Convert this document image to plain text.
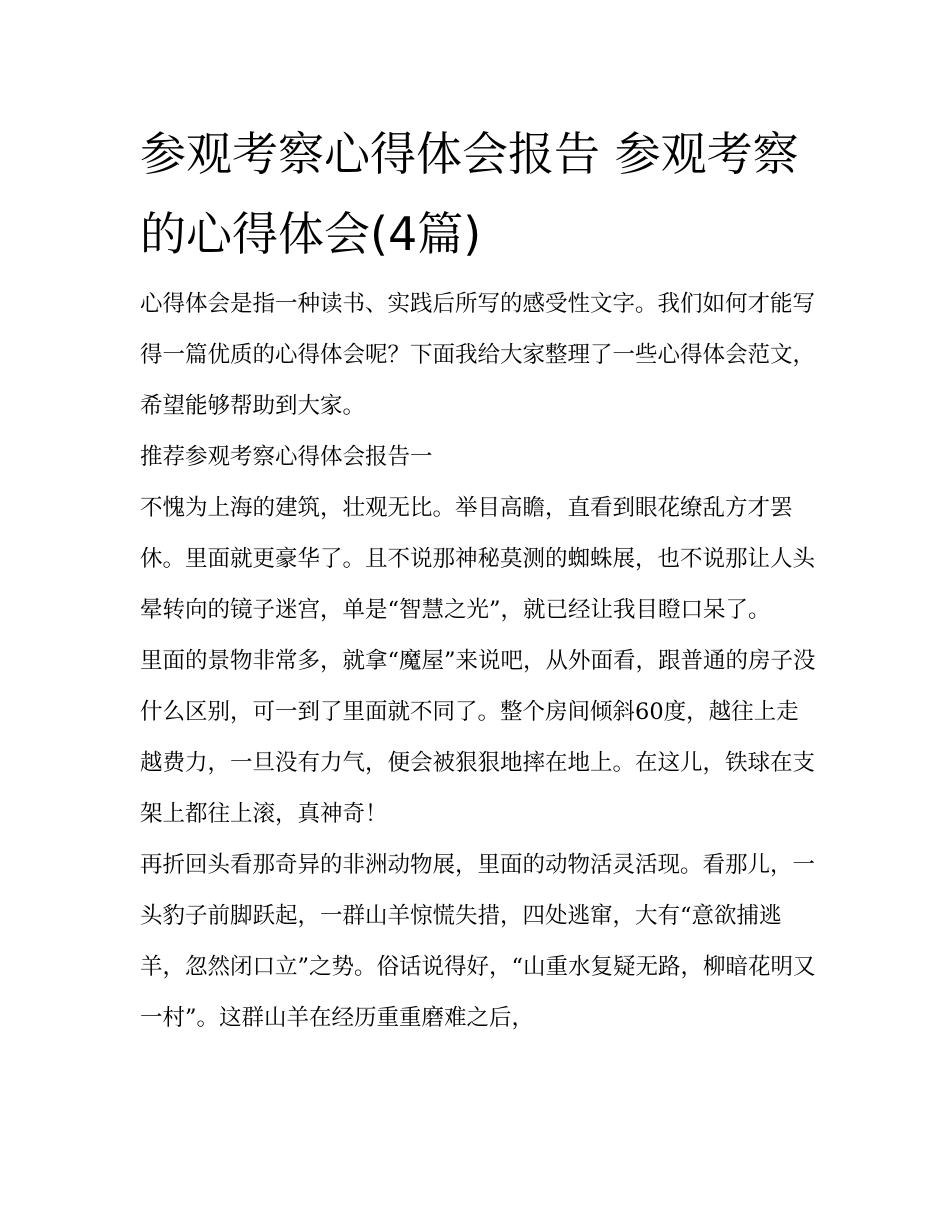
参观考察心得体会报告 参观考察的心得体会(4篇)

心得体会是指一种读书、实践后所写的感受性文字。我们如何才能写得一篇优质的心得体会呢？下面我给大家整理了一些心得体会范文，希望能够帮助到大家。

推荐参观考察心得体会报告一

不愧为上海的建筑，壮观无比。举目高瞻，直看到眼花缭乱方才罢休。里面就更豪华了。且不说那神秘莫测的蜘蛛展，也不说那让人头晕转向的镜子迷宫，单是“智慧之光”，就已经让我目瞪口呆了。

里面的景物非常多，就拿“魔屋”来说吧，从外面看，跟普通的房子没什么区别，可一到了里面就不同了。整个房间倾斜60度，越往上走越费力，一旦没有力气，便会被狠狠地摔在地上。在这儿，铁球在支架上都往上滚，真神奇！

再折回头看那奇异的非洲动物展，里面的动物活灵活现。看那儿，一头豹子前脚跃起，一群山羊惊慌失措，四处逃窜，大有“意欲捕逃羊，忽然闭口立”之势。俗话说得好，“山重水复疑无路，柳暗花明又一村”。这群山羊在经历重重磨难之后，
